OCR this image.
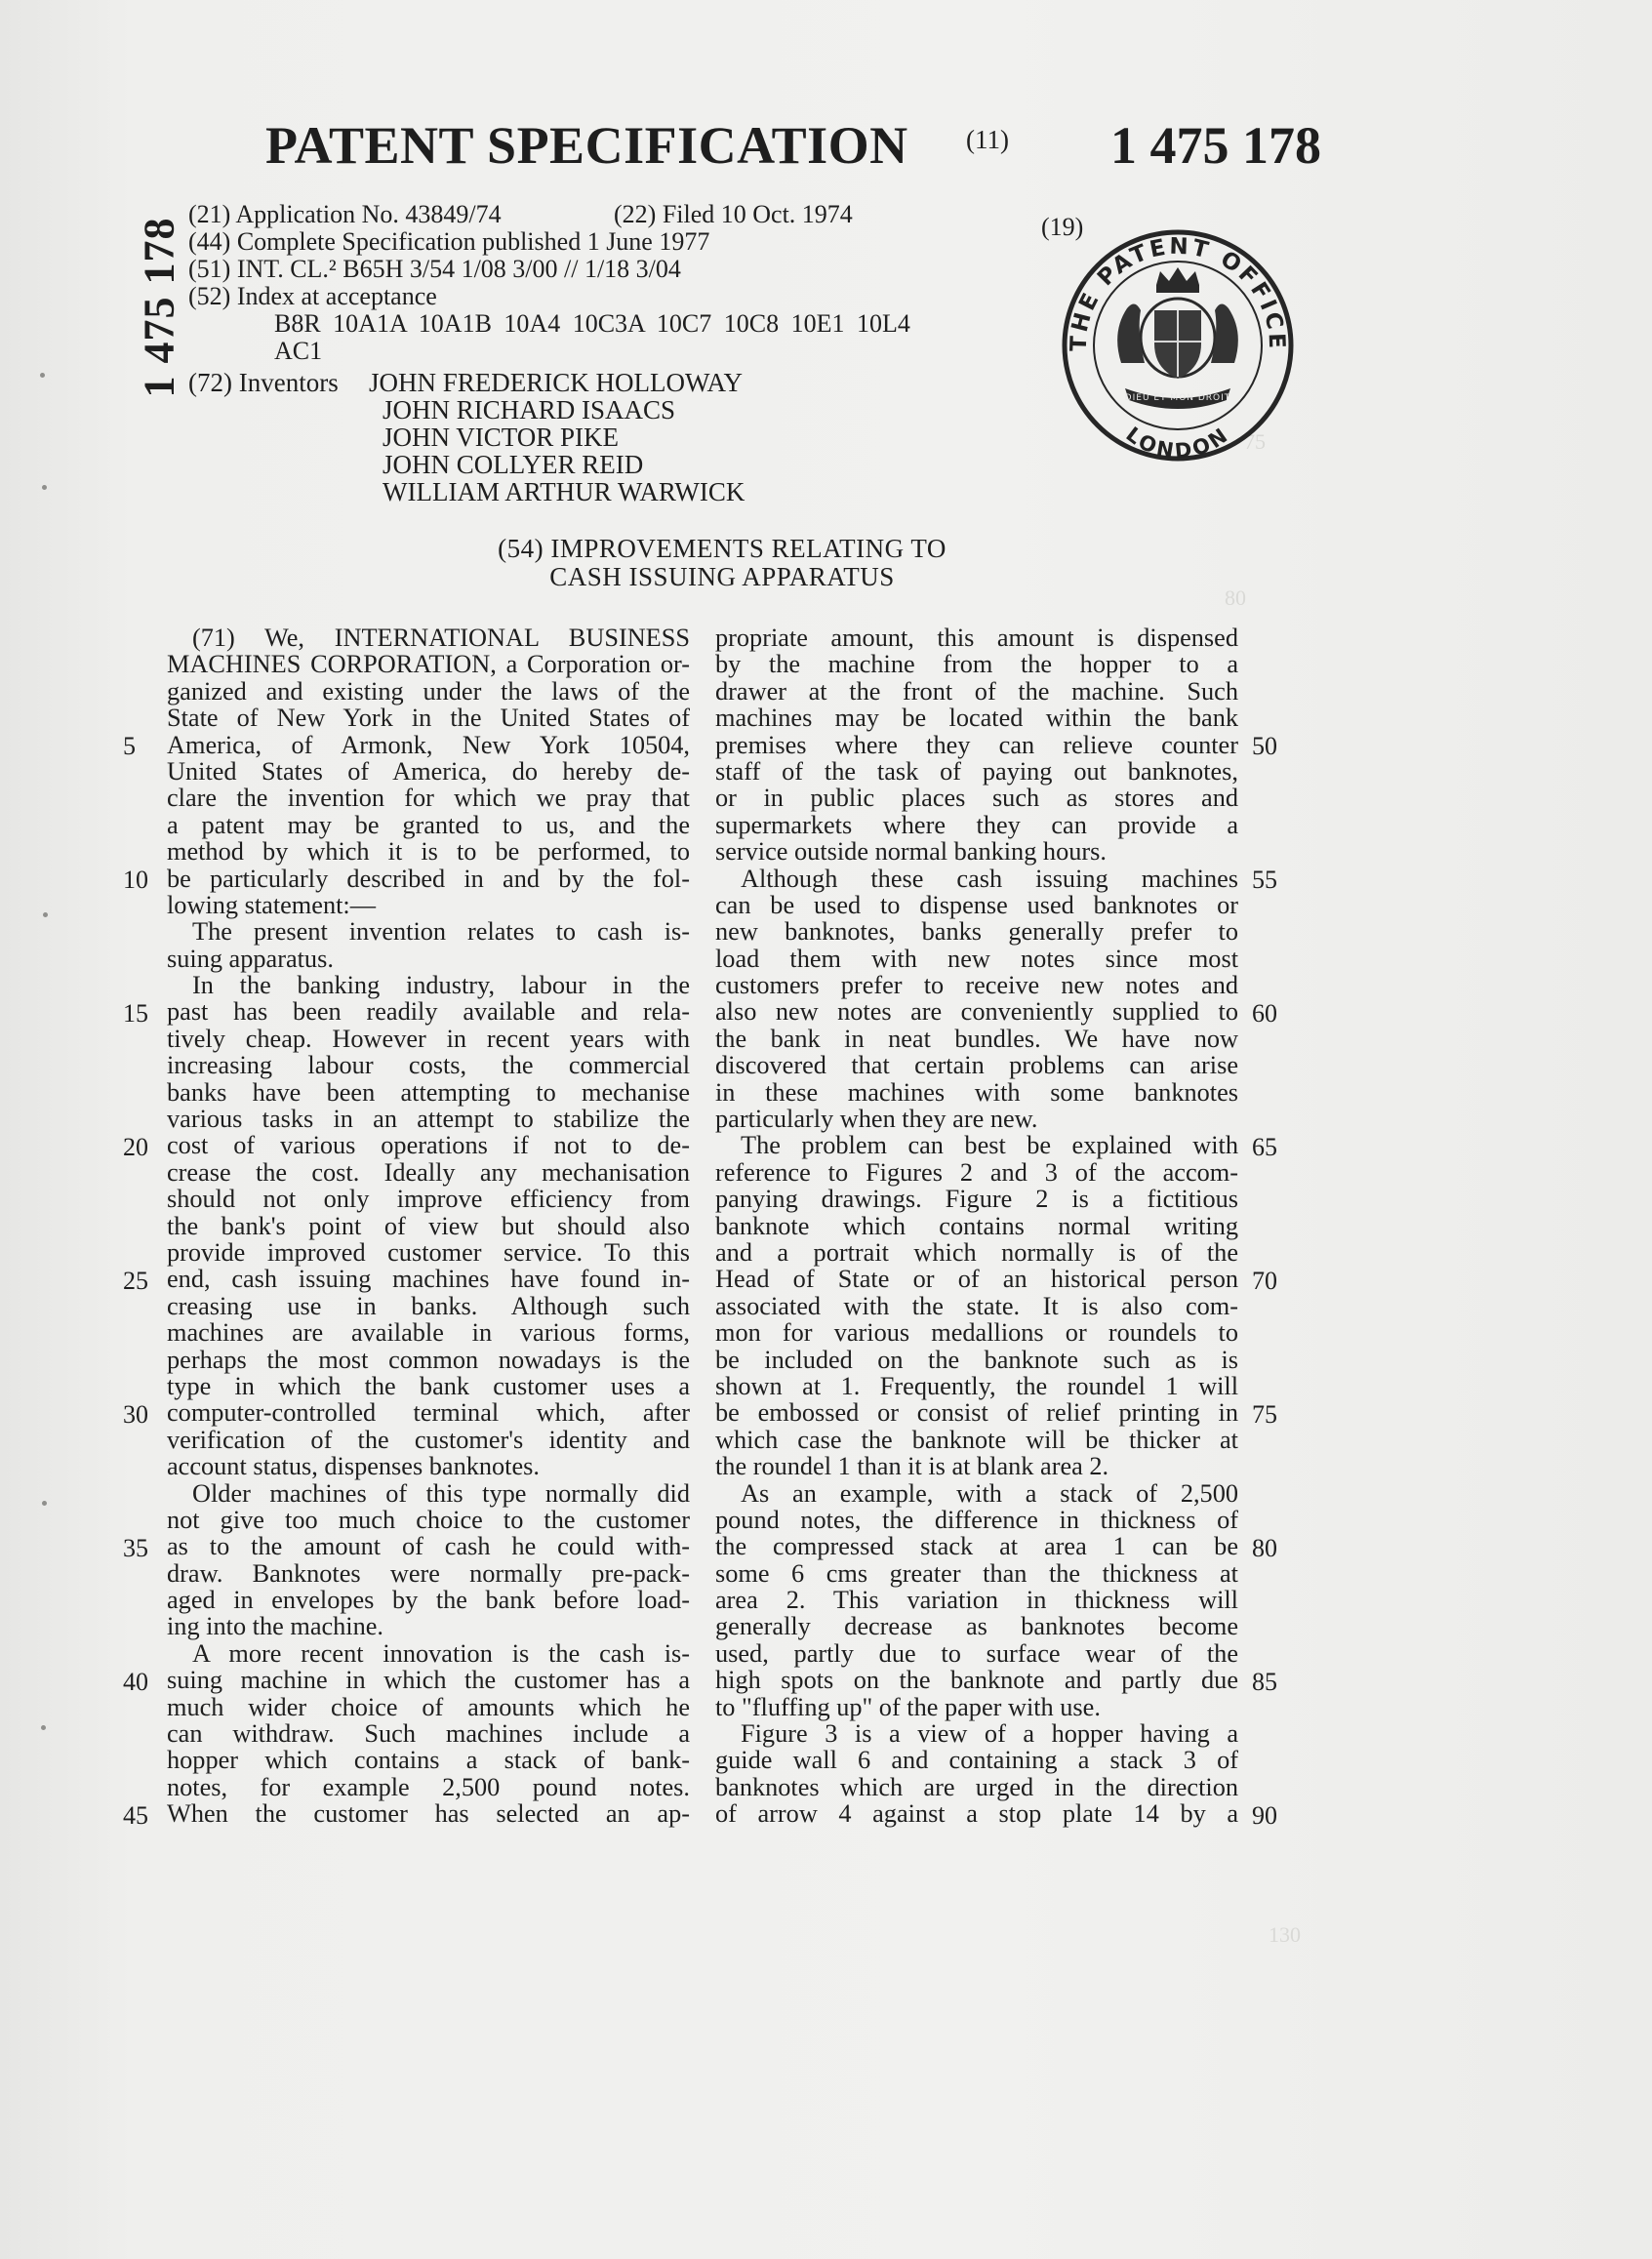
80
75
130
PATENT SPECIFICATION (11) 1 475 178
1 475 178
(21) Application No. 43849/74	(22) Filed 10 Oct. 1974
(44) Complete Specification published 1 June 1977
(51) INT. CL.² B65H 3/54 1/08 3/00 // 1/18 3/04
(52) Index at acceptance
B8R 10A1A 10A1B 10A4 10C3A 10C7 10C8 10E1 10L4
AC1
(72) Inventors JOHN FREDERICK HOLLOWAY
JOHN RICHARD ISAACS
JOHN VICTOR PIKE
JOHN COLLYER REID
WILLIAM ARTHUR WARWICK
(19)
THE PATENT OFFICE
LONDON
DIEU ET MON DROIT
(54) IMPROVEMENTS RELATING TO
CASH ISSUING APPARATUS
(71) We, INTERNATIONAL BUSINESS
MACHINES CORPORATION, a Corporation or-
ganized and existing under the laws of the
State of New York in the United States of
America, of Armonk, New York 10504,
United States of America, do hereby de-
clare the invention for which we pray that
a patent may be granted to us, and the
method by which it is to be performed, to
be particularly described in and by the fol-
lowing statement:—
The present invention relates to cash is-
suing apparatus.
In the banking industry, labour in the
past has been readily available and rela-
tively cheap. However in recent years with
increasing labour costs, the commercial
banks have been attempting to mechanise
various tasks in an attempt to stabilize the
cost of various operations if not to de-
crease the cost. Ideally any mechanisation
should not only improve efficiency from
the bank's point of view but should also
provide improved customer service. To this
end, cash issuing machines have found in-
creasing use in banks. Although such
machines are available in various forms,
perhaps the most common nowadays is the
type in which the bank customer uses a
computer-controlled terminal which, after
verification of the customer's identity and
account status, dispenses banknotes.
Older machines of this type normally did
not give too much choice to the customer
as to the amount of cash he could with-
draw. Banknotes were normally pre-pack-
aged in envelopes by the bank before load-
ing into the machine.
A more recent innovation is the cash is-
suing machine in which the customer has a
much wider choice of amounts which he
can withdraw. Such machines include a
hopper which contains a stack of bank-
notes, for example 2,500 pound notes.
When the customer has selected an ap-
propriate amount, this amount is dispensed
by the machine from the hopper to a
drawer at the front of the machine. Such
machines may be located within the bank
premises where they can relieve counter
staff of the task of paying out banknotes,
or in public places such as stores and
supermarkets where they can provide a
service outside normal banking hours.
Although these cash issuing machines
can be used to dispense used banknotes or
new banknotes, banks generally prefer to
load them with new notes since most
customers prefer to receive new notes and
also new notes are conveniently supplied to
the bank in neat bundles. We have now
discovered that certain problems can arise
in these machines with some banknotes
particularly when they are new.
The problem can best be explained with
reference to Figures 2 and 3 of the accom-
panying drawings. Figure 2 is a fictitious
banknote which contains normal writing
and a portrait which normally is of the
Head of State or of an historical person
associated with the state. It is also com-
mon for various medallions or roundels to
be included on the banknote such as is
shown at 1. Frequently, the roundel 1 will
be embossed or consist of relief printing in
which case the banknote will be thicker at
the roundel 1 than it is at blank area 2.
As an example, with a stack of 2,500
pound notes, the difference in thickness of
the compressed stack at area 1 can be
some 6 cms greater than the thickness at
area 2. This variation in thickness will
generally decrease as banknotes become
used, partly due to surface wear of the
high spots on the banknote and partly due
to "fluffing up" of the paper with use.
Figure 3 is a view of a hopper having a
guide wall 6 and containing a stack 3 of
banknotes which are urged in the direction
of arrow 4 against a stop plate 14 by a
5
10
15
20
25
30
35
40
45
50
55
60
65
70
75
80
85
90
